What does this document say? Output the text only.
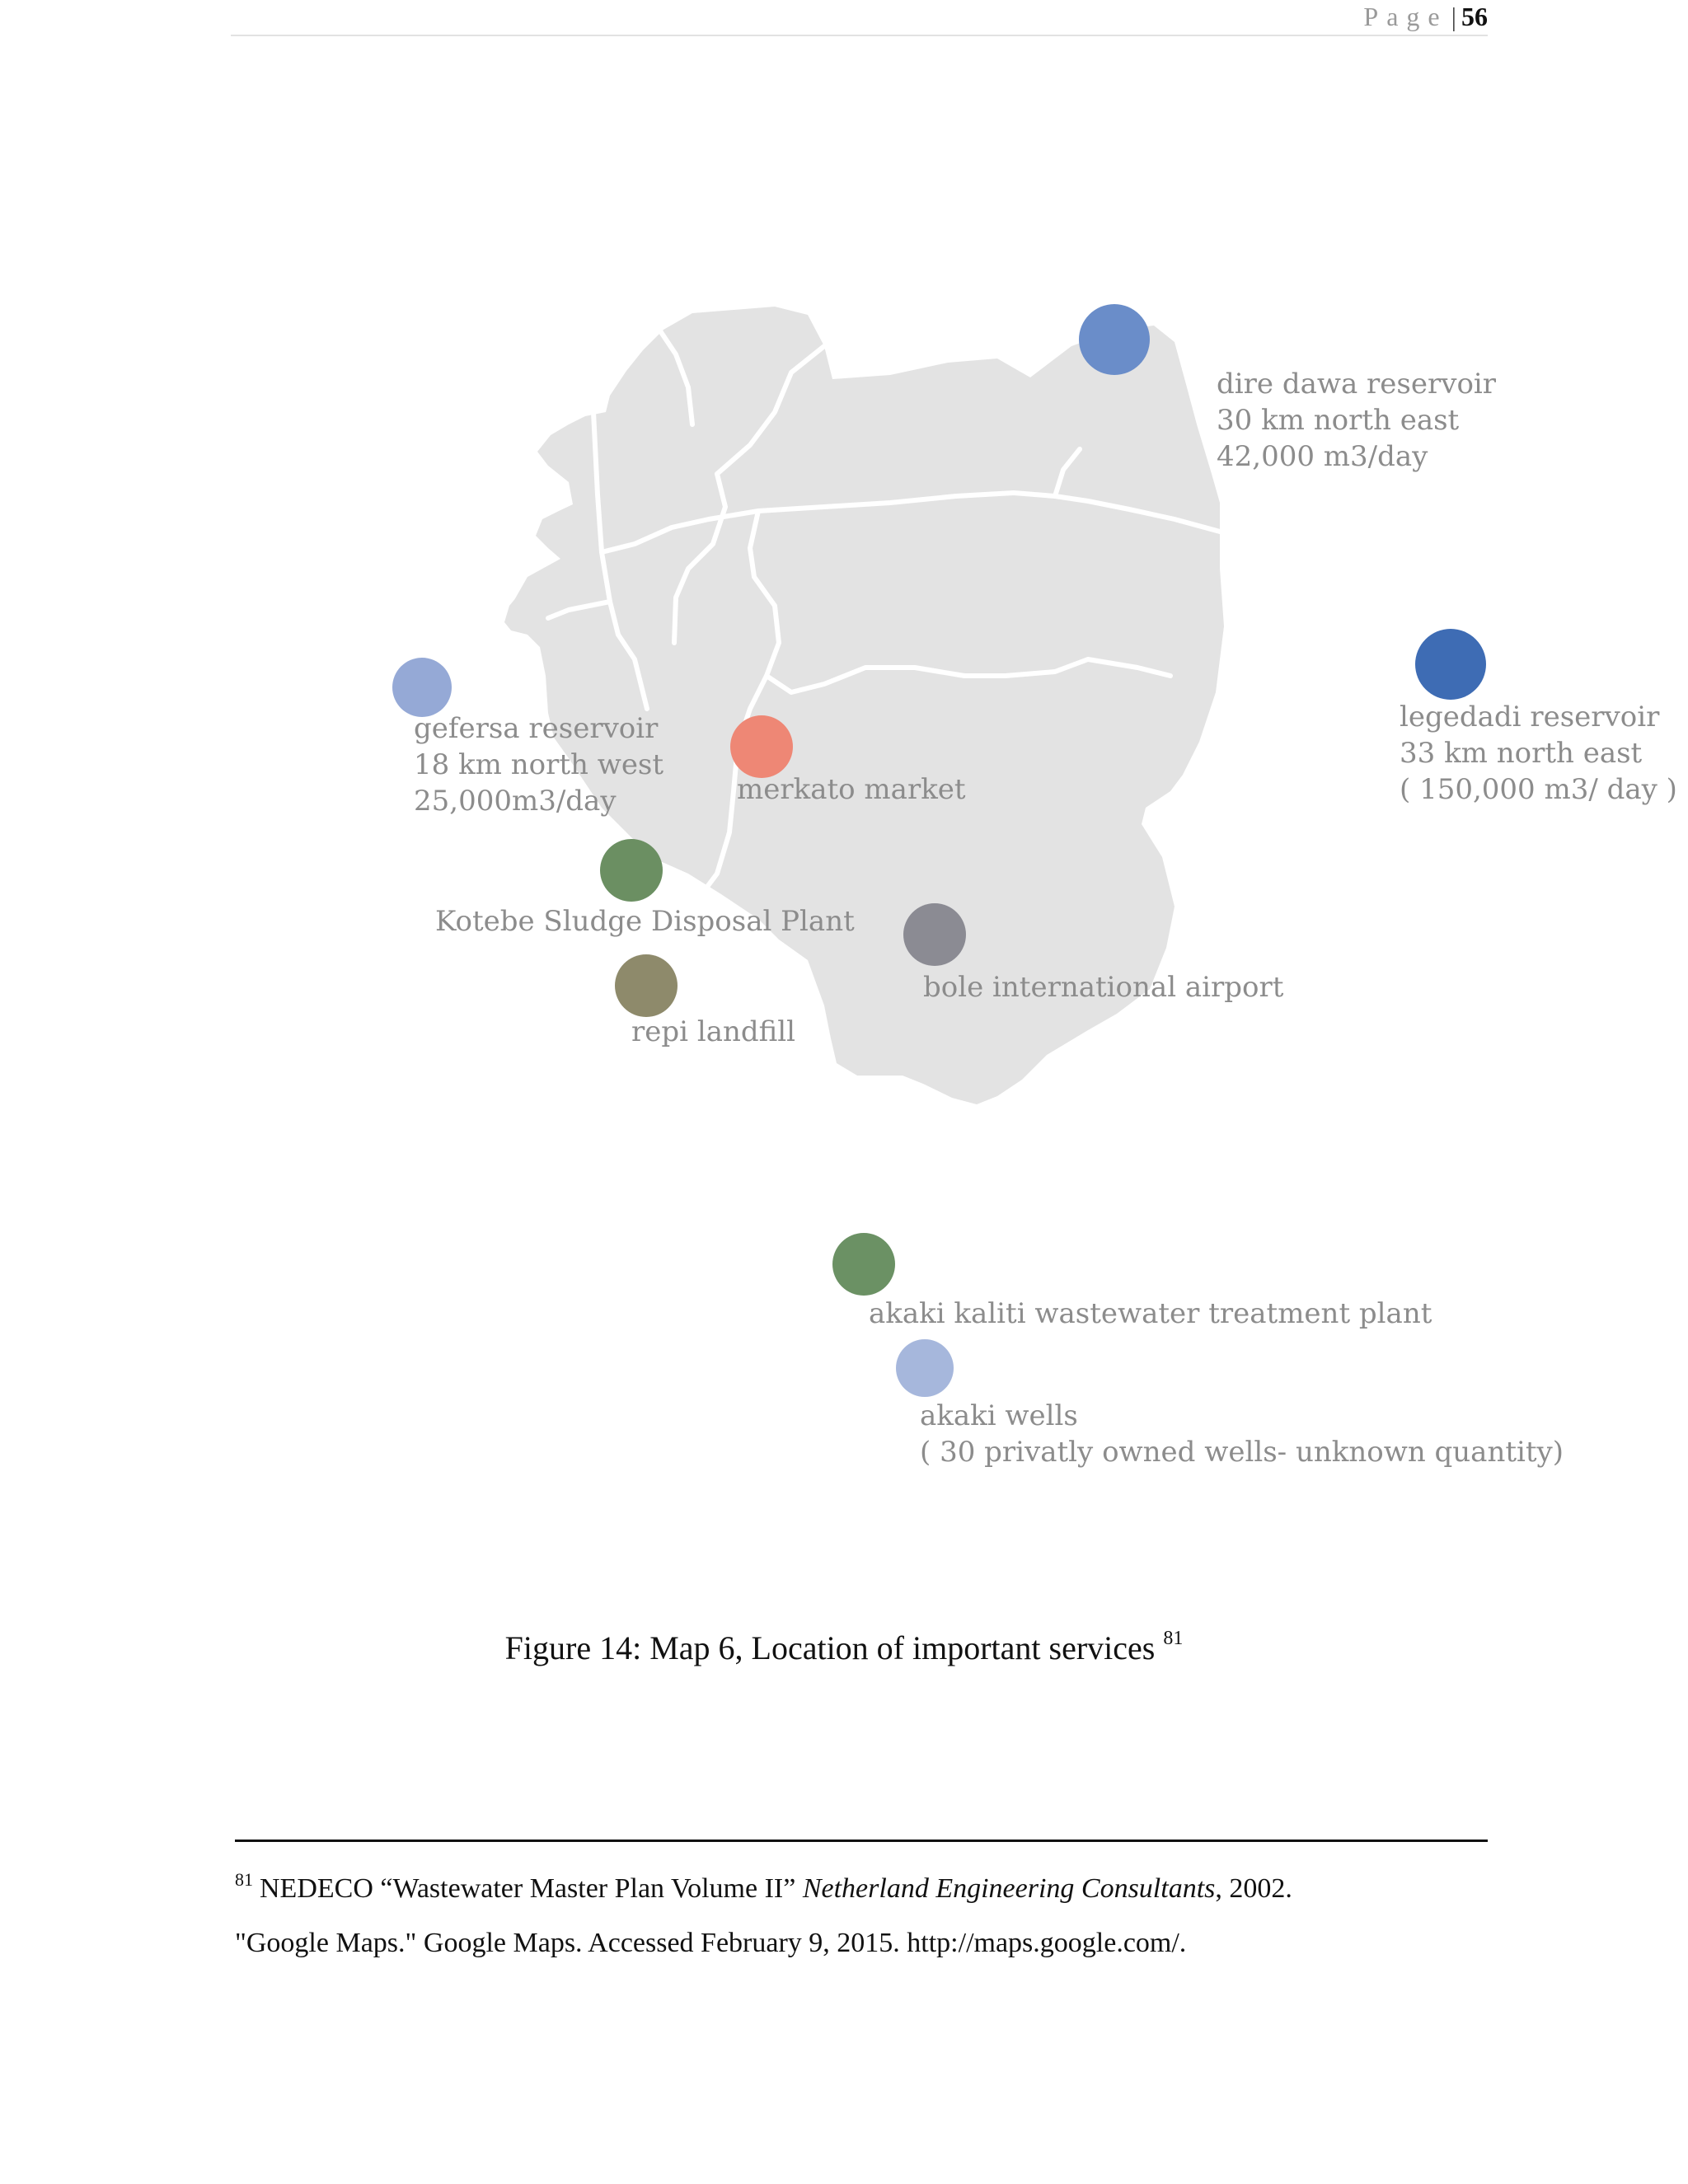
Page | 56
dire dawa reservoir
30 km north east
42,000 m3/day
legedadi reservoir
33 km north east
( 150,000 m3/ day )
gefersa reservoir
18 km north west
25,000m3/day	merkato market
Kotebe Sludge Disposal Plant
repi landfill
bole international airport
akaki kaliti wastewater treatment plant
akaki wells
( 30 privatly owned wells- unknown quantity)
Figure 14: Map 6, Location of important services $^{81}$
$^{81}$ NEDECO “Wastewater Master Plan Volume II” Netherland Engineering Consultants, 2002.
"Google Maps." Google Maps. Accessed February 9, 2015. http://maps.google.com/.
